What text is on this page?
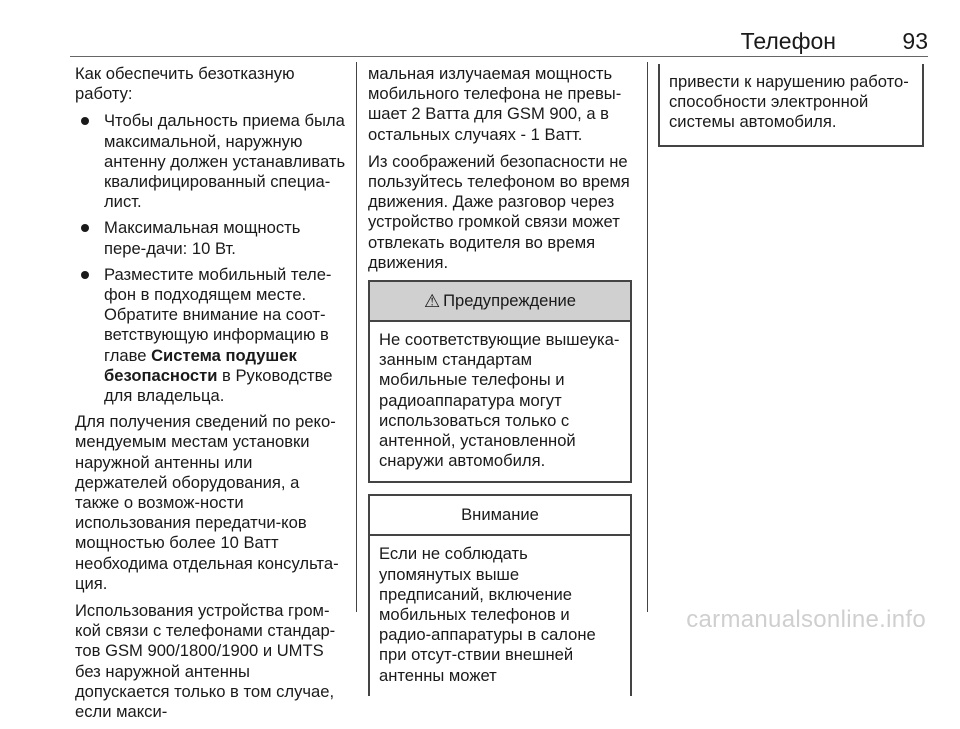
Телефон	93

Как обеспечить безотказную работу:

Чтобы дальность приема была максимальной, наружную антенну должен устанавливать квалифицированный специа-лист.
Максимальная мощность пере-дачи: 10 Вт.
Разместите мобильный теле-фон в подходящем месте. Обратите внимание на соот-ветствующую информацию в главе Система подушек безопасности в Руководстве для владельца.

Для получения сведений по реко-мендуемым местам установки наружной антенны или держателей оборудования, а также о возмож-ности использования передатчи-ков мощностью более 10 Ватт необходима отдельная консульта-ция.

Использования устройства гром-кой связи с телефонами стандар-тов GSM 900/1800/1900 и UMTS без наружной антенны допускается только в том случае, если макси-

мальная излучаемая мощность мобильного телефона не превы-шает 2 Ватта для GSM 900, а в остальных случаях - 1 Ватт.

Из соображений безопасности не пользуйтесь телефоном во время движения. Даже разговор через устройство громкой связи может отвлекать водителя во время движения.

⚠ Предупреждение
Не соответствующие вышеука-занным стандартам мобильные телефоны и радиоаппаратура могут использоваться только с антенной, установленной снаружи автомобиля.
Внимание
Если не соблюдать упомянутых выше предписаний, включение мобильных телефонов и радио-аппаратуры в салоне при отсут-ствии внешней антенны может
привести к нарушению работо-способности электронной системы автомобиля.
carmanualsonline.info
